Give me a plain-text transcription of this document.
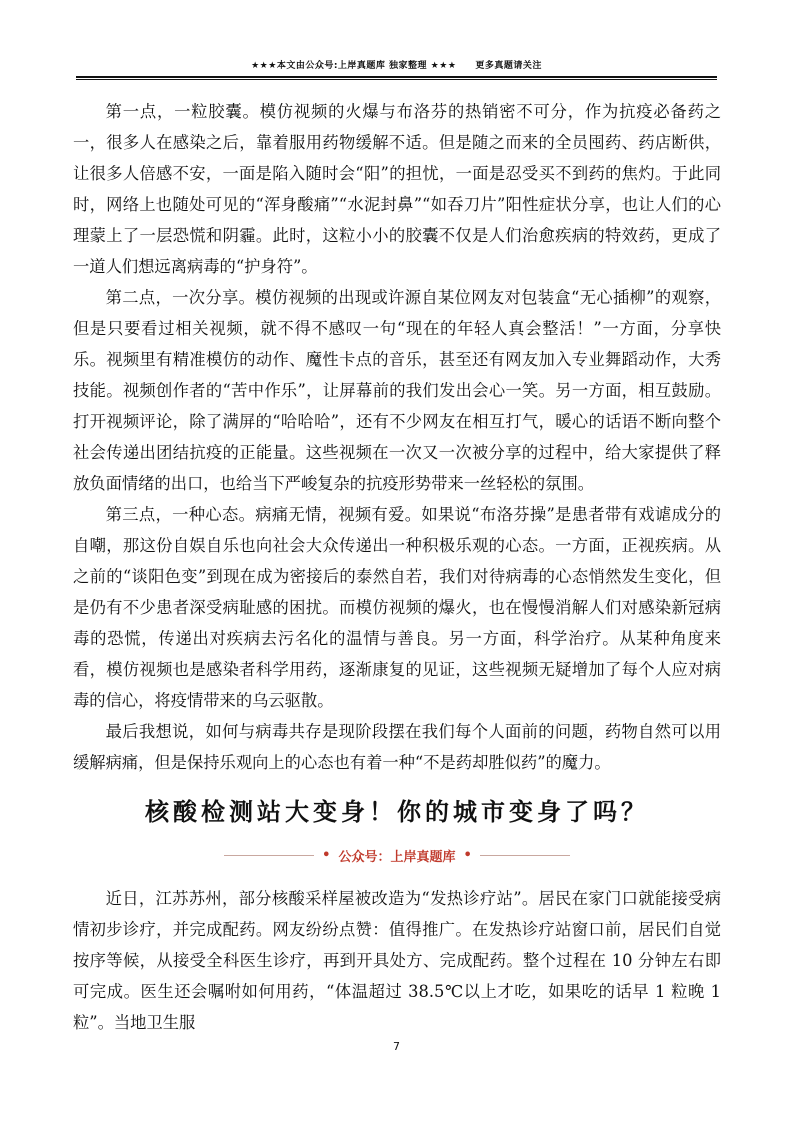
★★★本文由公众号:上岸真题库 独家整理 ★★★　　更多真题请关注

第一点，一粒胶囊。模仿视频的火爆与布洛芬的热销密不可分，作为抗疫必备药之一，很多人在感染之后，靠着服用药物缓解不适。但是随之而来的全员囤药、药店断供，让很多人倍感不安，一面是陷入随时会“阳”的担忧，一面是忍受买不到药的焦灼。于此同时，网络上也随处可见的“浑身酸痛”“水泥封鼻”“如吞刀片”阳性症状分享，也让人们的心理蒙上了一层恐慌和阴霾。此时，这粒小小的胶囊不仅是人们治愈疾病的特效药，更成了一道人们想远离病毒的“护身符”。

第二点，一次分享。模仿视频的出现或许源自某位网友对包装盒“无心插柳”的观察，但是只要看过相关视频，就不得不感叹一句“现在的年轻人真会整活！”一方面，分享快乐。视频里有精准模仿的动作、魔性卡点的音乐，甚至还有网友加入专业舞蹈动作，大秀技能。视频创作者的“苦中作乐”，让屏幕前的我们发出会心一笑。另一方面，相互鼓励。打开视频评论，除了满屏的“哈哈哈”，还有不少网友在相互打气，暖心的话语不断向整个社会传递出团结抗疫的正能量。这些视频在一次又一次被分享的过程中，给大家提供了释放负面情绪的出口，也给当下严峻复杂的抗疫形势带来一丝轻松的氛围。

第三点，一种心态。病痛无情，视频有爱。如果说“布洛芬操”是患者带有戏谑成分的自嘲，那这份自娱自乐也向社会大众传递出一种积极乐观的心态。一方面，正视疾病。从之前的“谈阳色变”到现在成为密接后的泰然自若，我们对待病毒的心态悄然发生变化，但是仍有不少患者深受病耻感的困扰。而模仿视频的爆火，也在慢慢消解人们对感染新冠病毒的恐慌，传递出对疾病去污名化的温情与善良。另一方面，科学治疗。从某种角度来看，模仿视频也是感染者科学用药，逐渐康复的见证，这些视频无疑增加了每个人应对病毒的信心，将疫情带来的乌云驱散。

最后我想说，如何与病毒共存是现阶段摆在我们每个人面前的问题，药物自然可以用缓解病痛，但是保持乐观向上的心态也有着一种“不是药却胜似药”的魔力。

核酸检测站大变身！你的城市变身了吗？
• 公众号：上岸真题库 •

近日，江苏苏州，部分核酸采样屋被改造为“发热诊疗站”。居民在家门口就能接受病情初步诊疗，并完成配药。网友纷纷点赞：值得推广。在发热诊疗站窗口前，居民们自觉按序等候，从接受全科医生诊疗，再到开具处方、完成配药。整个过程在 10 分钟左右即可完成。医生还会嘱咐如何用药，“体温超过 38.5℃以上才吃，如果吃的话早 1 粒晚 1 粒”。当地卫生服

7
